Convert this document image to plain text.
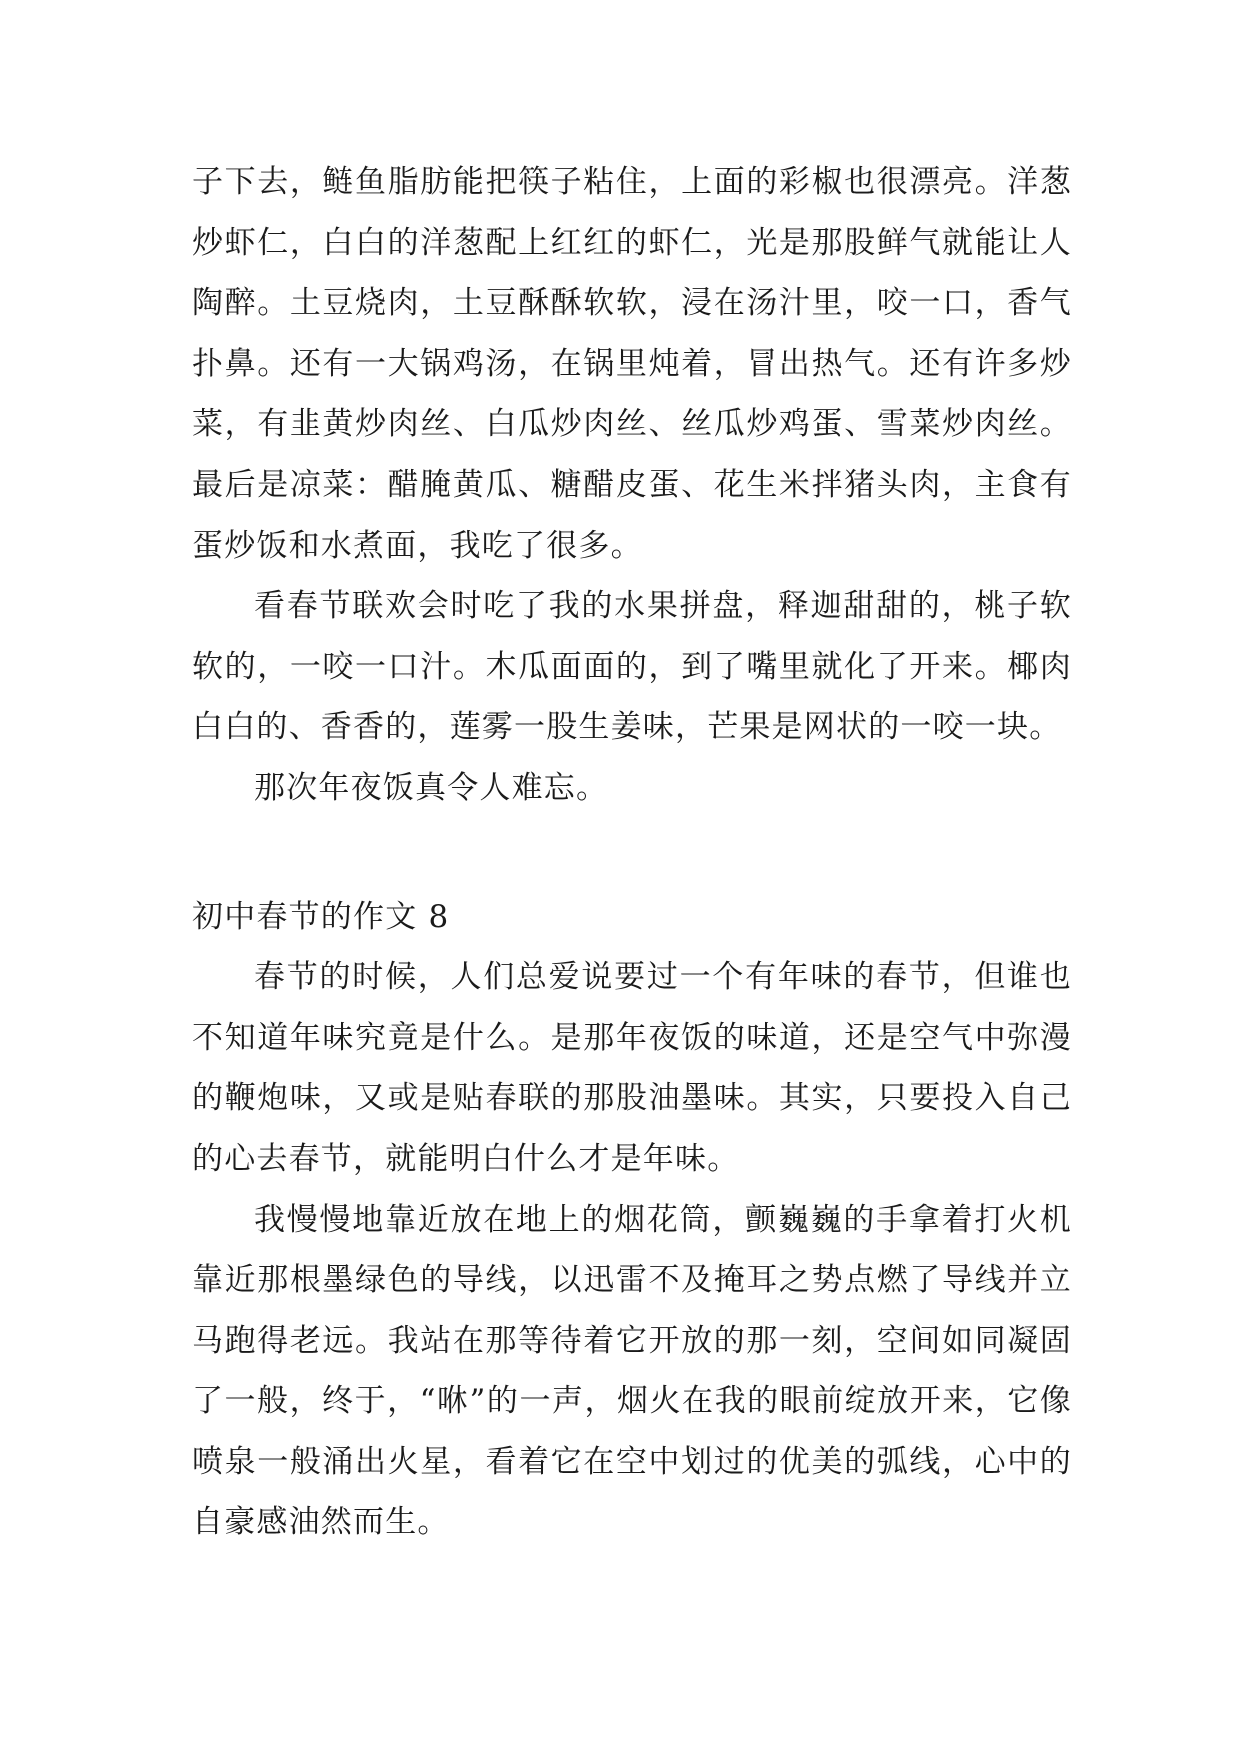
子下去，鲢鱼脂肪能把筷子粘住，上面的彩椒也很漂亮。洋葱炒虾仁，白白的洋葱配上红红的虾仁，光是那股鲜气就能让人陶醉。土豆烧肉，土豆酥酥软软，浸在汤汁里，咬一口，香气扑鼻。还有一大锅鸡汤，在锅里炖着，冒出热气。还有许多炒菜，有韭黄炒肉丝、白瓜炒肉丝、丝瓜炒鸡蛋、雪菜炒肉丝。最后是凉菜：醋腌黄瓜、糖醋皮蛋、花生米拌猪头肉，主食有蛋炒饭和水煮面，我吃了很多。

看春节联欢会时吃了我的水果拼盘，释迦甜甜的，桃子软软的，一咬一口汁。木瓜面面的，到了嘴里就化了开来。椰肉白白的、香香的，莲雾一股生姜味，芒果是网状的一咬一块。

那次年夜饭真令人难忘。

初中春节的作文 8

春节的时候，人们总爱说要过一个有年味的春节，但谁也不知道年味究竟是什么。是那年夜饭的味道，还是空气中弥漫的鞭炮味，又或是贴春联的那股油墨味。其实，只要投入自己的心去春节，就能明白什么才是年味。

我慢慢地靠近放在地上的烟花筒，颤巍巍的手拿着打火机靠近那根墨绿色的导线，以迅雷不及掩耳之势点燃了导线并立马跑得老远。我站在那等待着它开放的那一刻，空间如同凝固了一般，终于，“咻”的一声，烟火在我的眼前绽放开来，它像喷泉一般涌出火星，看着它在空中划过的优美的弧线，心中的自豪感油然而生。
